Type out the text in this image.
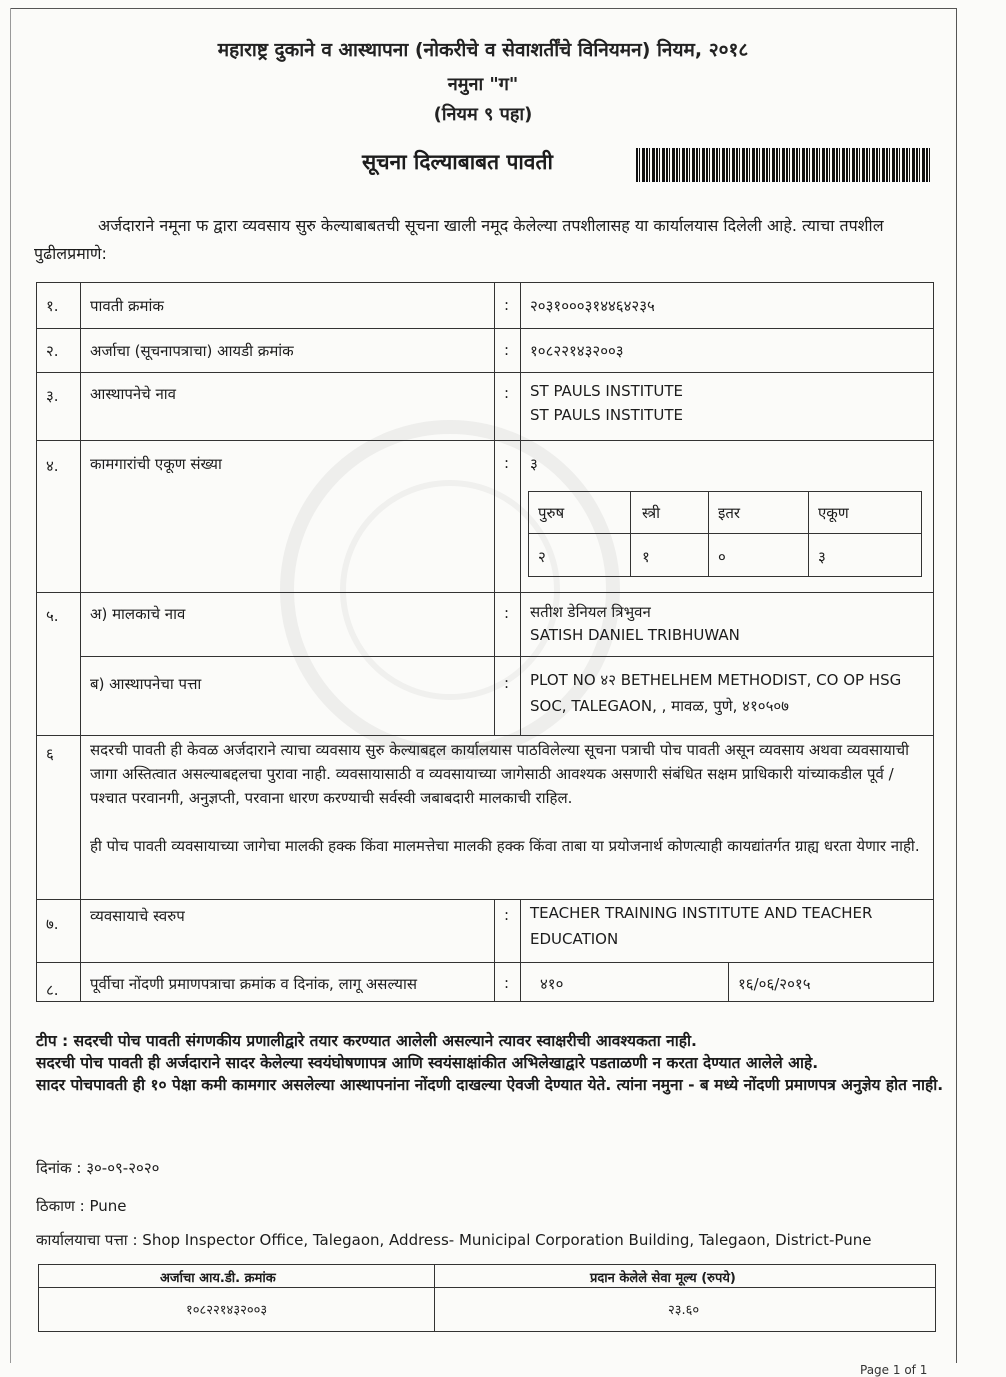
महाराष्ट्र दुकाने व आस्थापना (नोकरीचे व सेवाशर्तींचे विनियमन) नियम, २०१८
नमुना "ग"
(नियम ९ पहा)
सूचना दिल्याबाबत पावती

अर्जदाराने नमूना फ द्वारा व्यवसाय सुरु केल्याबाबतची सूचना खाली नमूद केलेल्या तपशीलासह या कार्यालयास दिलेली आहे. त्याचा तपशील पुढीलप्रमाणे:

१. पावती क्रमांक	: २०३१०००३१४४६४२३५
२. अर्जाचा (सूचनापत्राचा) आयडी क्रमांक	: १०८२२१४३२००३
३. आस्थापनेचे नाव	: ST PAULS INSTITUTE
ST PAULS INSTITUTE
४. कामगारांची एकूण संख्या	: ३
पुरुष	स्त्री	इतर	एकूण
२	१	०	३
५. अ) मालकाचे नाव	: सतीश डेनियल त्रिभुवन
SATISH DANIEL TRIBHUWAN
ब) आस्थापनेचा पत्ता	: PLOT NO ४२ BETHELHEM METHODIST, CO OP HSG
SOC, TALEGAON, , मावळ, पुणे, ४१०५०७
६ सदरची पावती ही केवळ अर्जदाराने त्याचा व्यवसाय सुरु केल्याबद्दल कार्यालयास पाठविलेल्या सूचना पत्राची पोच पावती असून व्यवसाय अथवा व्यवसायाची जागा अस्तित्वात असल्याबद्दलचा पुरावा नाही. व्यवसायासाठी व व्यवसायाच्या जागेसाठी आवश्यक असणारी संबंधित सक्षम प्राधिकारी यांच्याकडील पूर्व / पश्चात परवानगी, अनुज्ञप्ती, परवाना धारण करण्याची सर्वस्वी जबाबदारी मालकाची राहिल.
ही पोच पावती व्यवसायाच्या जागेचा मालकी हक्क किंवा मालमत्तेचा मालकी हक्क किंवा ताबा या प्रयोजनार्थ कोणत्याही कायद्यांतर्गत ग्राह्य धरता येणार नाही.
७. व्यवसायाचे स्वरुप	: TEACHER TRAINING INSTITUTE AND TEACHER
EDUCATION
८. पूर्वीचा नोंदणी प्रमाणपत्राचा क्रमांक व दिनांक, लागू असल्यास	: ४१०	१६/०६/२०१५
टीप : सदरची पोच पावती संगणकीय प्रणालीद्वारे तयार करण्यात आलेली असल्याने त्यावर स्वाक्षरीची आवश्यकता नाही.
सदरची पोच पावती ही अर्जदाराने सादर केलेल्या स्वयंघोषणापत्र आणि स्वयंसाक्षांकीत अभिलेखाद्वारे पडताळणी न करता देण्यात आलेले आहे.
सादर पोचपावती ही १० पेक्षा कमी कामगार असलेल्या आस्थापनांना नोंदणी दाखल्या ऐवजी देण्यात येते. त्यांना नमुना - ब मध्ये नोंदणी प्रमाणपत्र अनुज्ञेय होत नाही.
दिनांक : ३०-०९-२०२०
ठिकाण : Pune
कार्यालयाचा पत्ता : Shop Inspector Office, Talegaon, Address- Municipal Corporation Building, Talegaon, District-Pune
अर्जाचा आय.डी. क्रमांक	प्रदान केलेले सेवा मूल्य (रुपये)
१०८२२१४३२००३	२३.६०
Page 1 of 1
